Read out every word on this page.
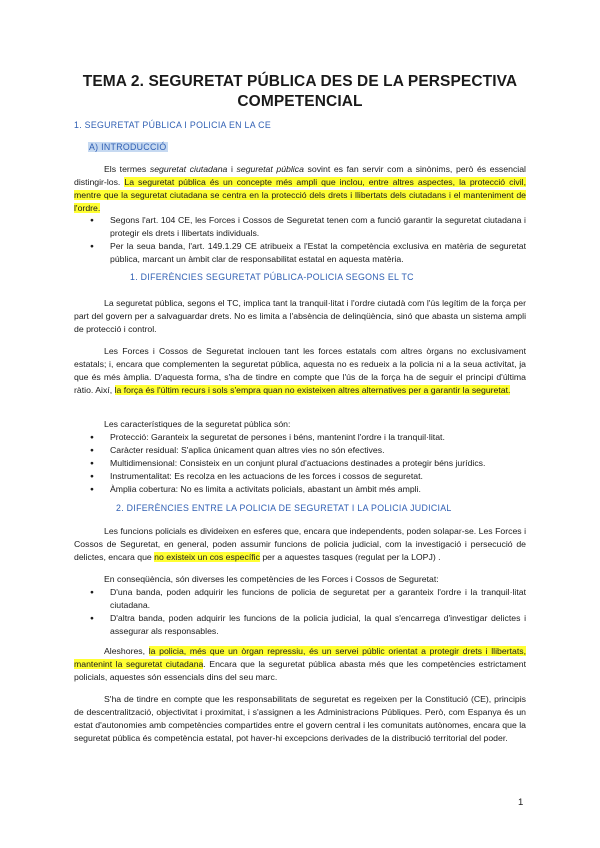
TEMA 2. SEGURETAT PÚBLICA DES DE LA PERSPECTIVA COMPETENCIAL

1. SEGURETAT PÚBLICA I POLICIA EN LA CE

A) INTRODUCCIÓ

Els termes seguretat ciutadana i seguretat pública sovint es fan servir com a sinònims, però és essencial distingir-los. La seguretat pública és un concepte més ampli que inclou, entre altres aspectes, la protecció civil, mentre que la seguretat ciutadana se centra en la protecció dels drets i llibertats dels ciutadans i el manteniment de l'ordre.

● Segons l'art. 104 CE, les Forces i Cossos de Seguretat tenen com a funció garantir la seguretat ciutadana i protegir els drets i llibertats individuals.
● Per la seua banda, l'art. 149.1.29 CE atribueix a l'Estat la competència exclusiva en matèria de seguretat pública, marcant un àmbit clar de responsabilitat estatal en aquesta matèria.

1. DIFERÈNCIES SEGURETAT PÚBLICA-POLICIA SEGONS EL TC

La seguretat pública, segons el TC, implica tant la tranquil·litat i l'ordre ciutadà com l'ús legítim de la força per part del govern per a salvaguardar drets. No es limita a l'absència de delinqüència, sinó que abasta un sistema ampli de protecció i control.

Les Forces i Cossos de Seguretat inclouen tant les forces estatals com altres òrgans no exclusivament estatals; i, encara que complementen la seguretat pública, aquesta no es redueix a la policia ni a la seua activitat, ja que és més àmplia. D'aquesta forma, s'ha de tindre en compte que l'ús de la força ha de seguir el principi d'última ràtio. Així, la força és l'últim recurs i sols s'empra quan no existeixen altres alternatives per a garantir la seguretat.

Les característiques de la seguretat pública són:

● Protecció: Garanteix la seguretat de persones i béns, mantenint l'ordre i la tranquil·litat.
● Caràcter residual: S'aplica únicament quan altres vies no són efectives.
● Multidimensional: Consisteix en un conjunt plural d'actuacions destinades a protegir béns jurídics.
● Instrumentalitat: Es recolza en les actuacions de les forces i cossos de seguretat.
● Àmplia cobertura: No es limita a activitats policials, abastant un àmbit més ampli.

2. DIFERÈNCIES ENTRE LA POLICIA DE SEGURETAT I LA POLICIA JUDICIAL

Les funcions policials es divideixen en esferes que, encara que independents, poden solapar-se. Les Forces i Cossos de Seguretat, en general, poden assumir funcions de policia judicial, com la investigació i persecució de delictes, encara que no existeix un cos específic per a aquestes tasques (regulat per la LOPJ) .

En conseqüència, són diverses les competències de les Forces i Cossos de Seguretat:

● D'una banda, poden adquirir les funcions de policia de seguretat per a garanteix l'ordre i la tranquil·litat ciutadana.
● D'altra banda, poden adquirir les funcions de la policia judicial, la qual s'encarrega d'investigar delictes i assegurar als responsables.

Aleshores, la policia, més que un òrgan repressiu, és un servei públic orientat a protegir drets i llibertats, mantenint la seguretat ciutadana. Encara que la seguretat pública abasta més que les competències estrictament policials, aquestes són essencials dins del seu marc.

S'ha de tindre en compte que les responsabilitats de seguretat es regeixen per la Constitució (CE), principis de descentralització, objectivitat i proximitat, i s'assignen a les Administracions Públiques. Però, com Espanya és un estat d'autonomies amb competències compartides entre el govern central i les comunitats autònomes, encara que la seguretat pública és competència estatal, pot haver-hi excepcions derivades de la distribució territorial del poder.

1
